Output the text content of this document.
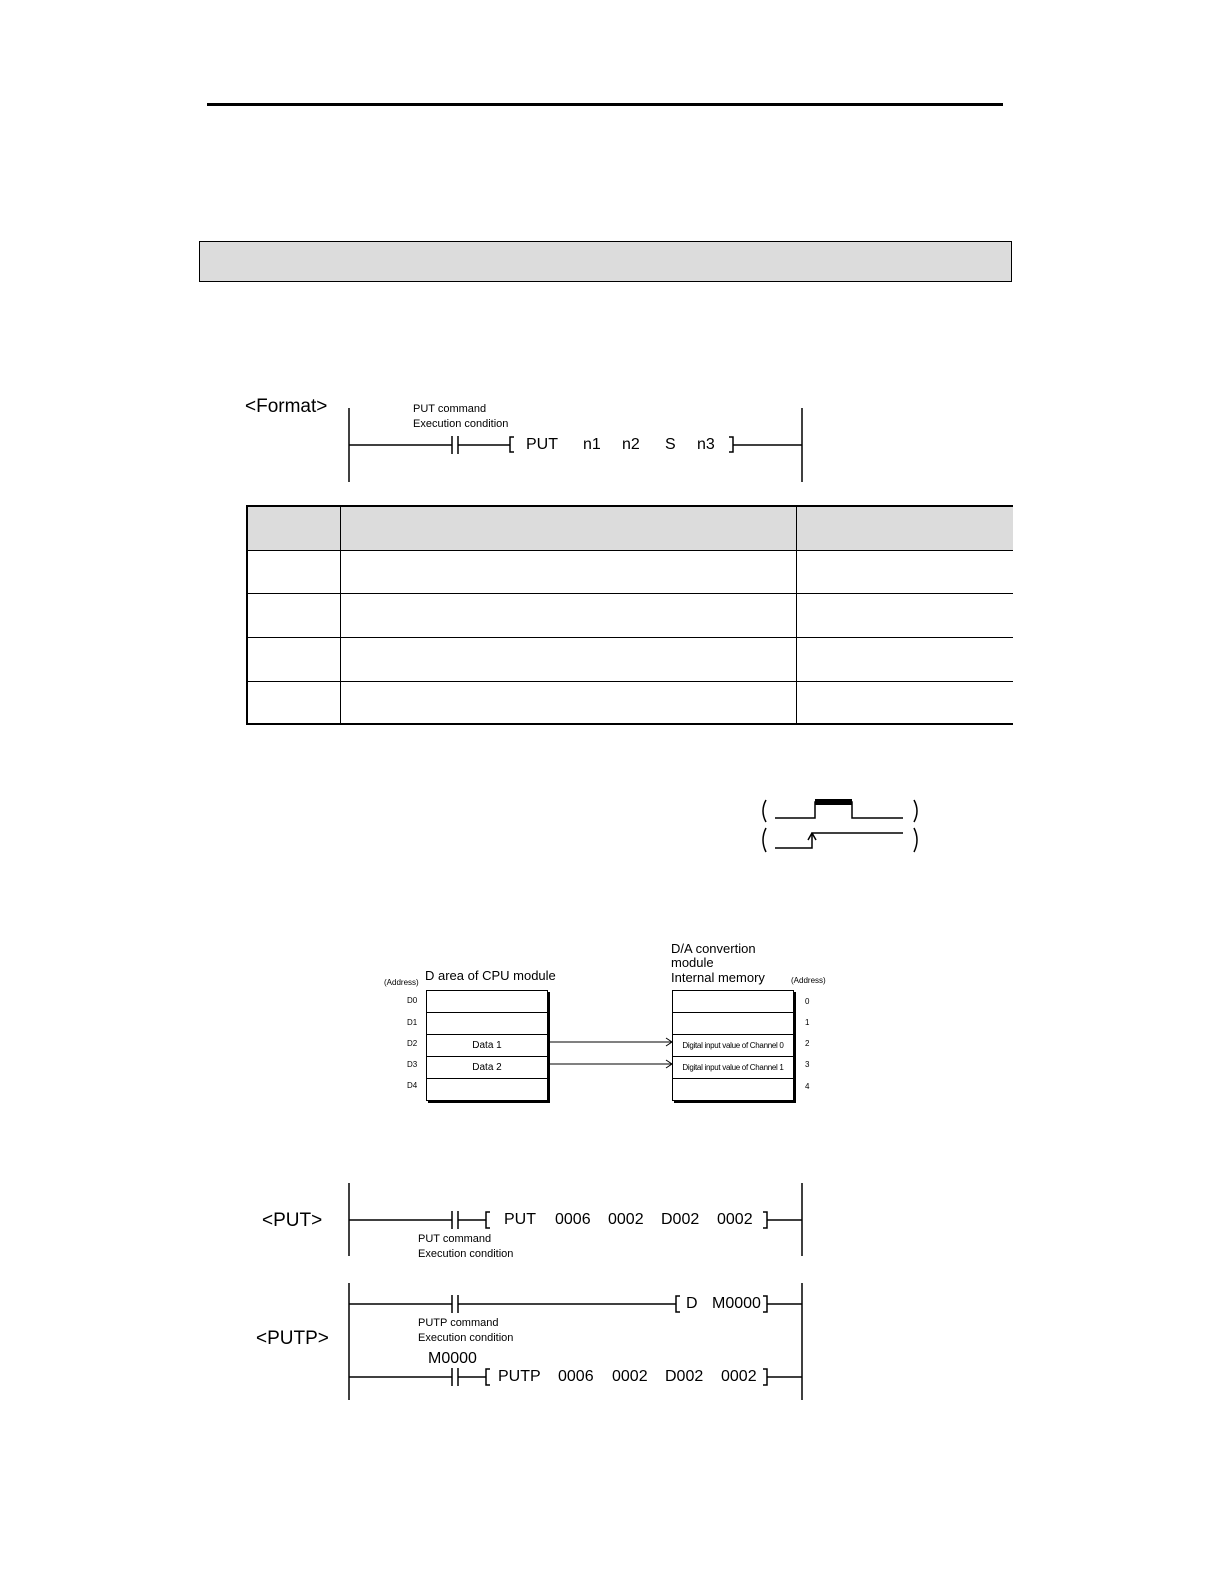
<Format>	PUT command
Execution condition
PUT n1 n2 S n3

(Address) D area of CPU module
D/A convertion
module
Internal memory	(Address)
D0
D1
D2
D3
D4
Data 1
Data 2
Digital input value of Channel 0
Digital input value of Channel 1
0
1
2
3
4
<PUT>	PUT 0006 0002 D002 0002
PUT command
Execution condition
<PUTP>
D M0000
PUTP command
Execution condition
M0000
PUTP 0006 0002 D002 0002
